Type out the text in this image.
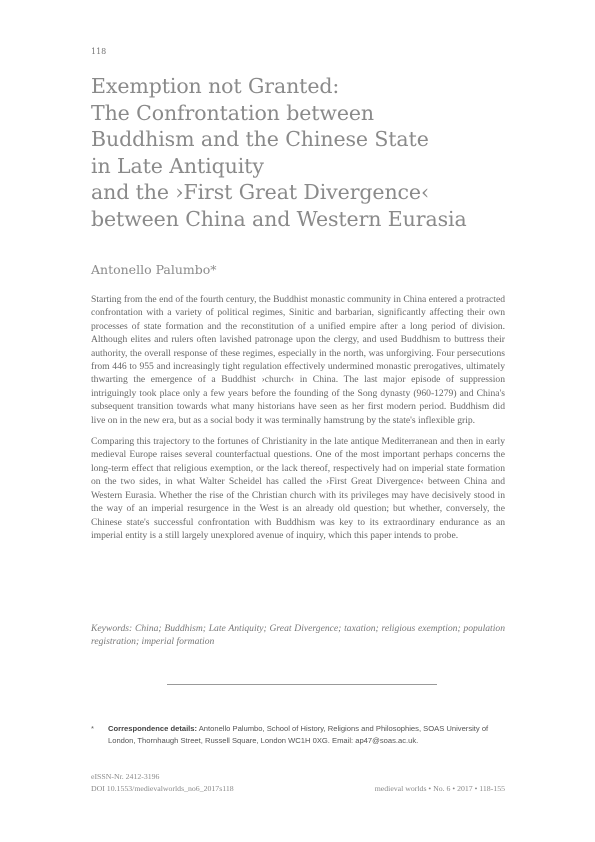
118
Exemption not Granted:
The Confrontation between
Buddhism and the Chinese State
in Late Antiquity
and the ›First Great Divergence‹
between China and Western Eurasia
Antonello Palumbo*

Starting from the end of the fourth century, the Buddhist monastic community in China entered a protracted confrontation with a variety of political regimes, Sinitic and barbarian, significantly affecting their own processes of state formation and the reconstitution of a unified empire after a long period of division. Although elites and rulers often lavished patronage upon the clergy, and used Buddhism to buttress their authority, the overall response of these regimes, especially in the north, was unforgiving. Four persecutions from 446 to 955 and increasingly tight regulation effectively undermined monastic prerogatives, ultimately thwarting the emergence of a Buddhist ›church‹ in China. The last major episode of suppression intriguingly took place only a few years before the founding of the Song dynasty (960-1279) and China's subsequent transition towards what many historians have seen as her first modern period. Buddhism did live on in the new era, but as a social body it was terminally hamstrung by the state's inflexible grip.

Comparing this trajectory to the fortunes of Christianity in the late antique Mediterranean and then in early medieval Europe raises several counterfactual questions. One of the most important perhaps concerns the long-term effect that religious exemption, or the lack thereof, respectively had on imperial state formation on the two sides, in what Walter Scheidel has called the ›First Great Divergence‹ between China and Western Eurasia. Whether the rise of the Christian church with its privileges may have decisively stood in the way of an imperial resurgence in the West is an already old question; but whether, conversely, the Chinese state's successful confrontation with Buddhism was key to its extraordinary endurance as an imperial entity is a still largely unexplored avenue of inquiry, which this paper intends to probe.

Keywords: China; Buddhism; Late Antiquity; Great Divergence; taxation; religious exemption; population registration; imperial formation
* Correspondence details: Antonello Palumbo, School of History, Religions and Philosophies, SOAS University of London, Thornhaugh Street, Russell Square, London WC1H 0XG. Email: ap47@soas.ac.uk.
eISSN-Nr. 2412-3196
DOI 10.1553/medievalworlds_no6_2017s118	medieval worlds • No. 6 • 2017 • 118-155
